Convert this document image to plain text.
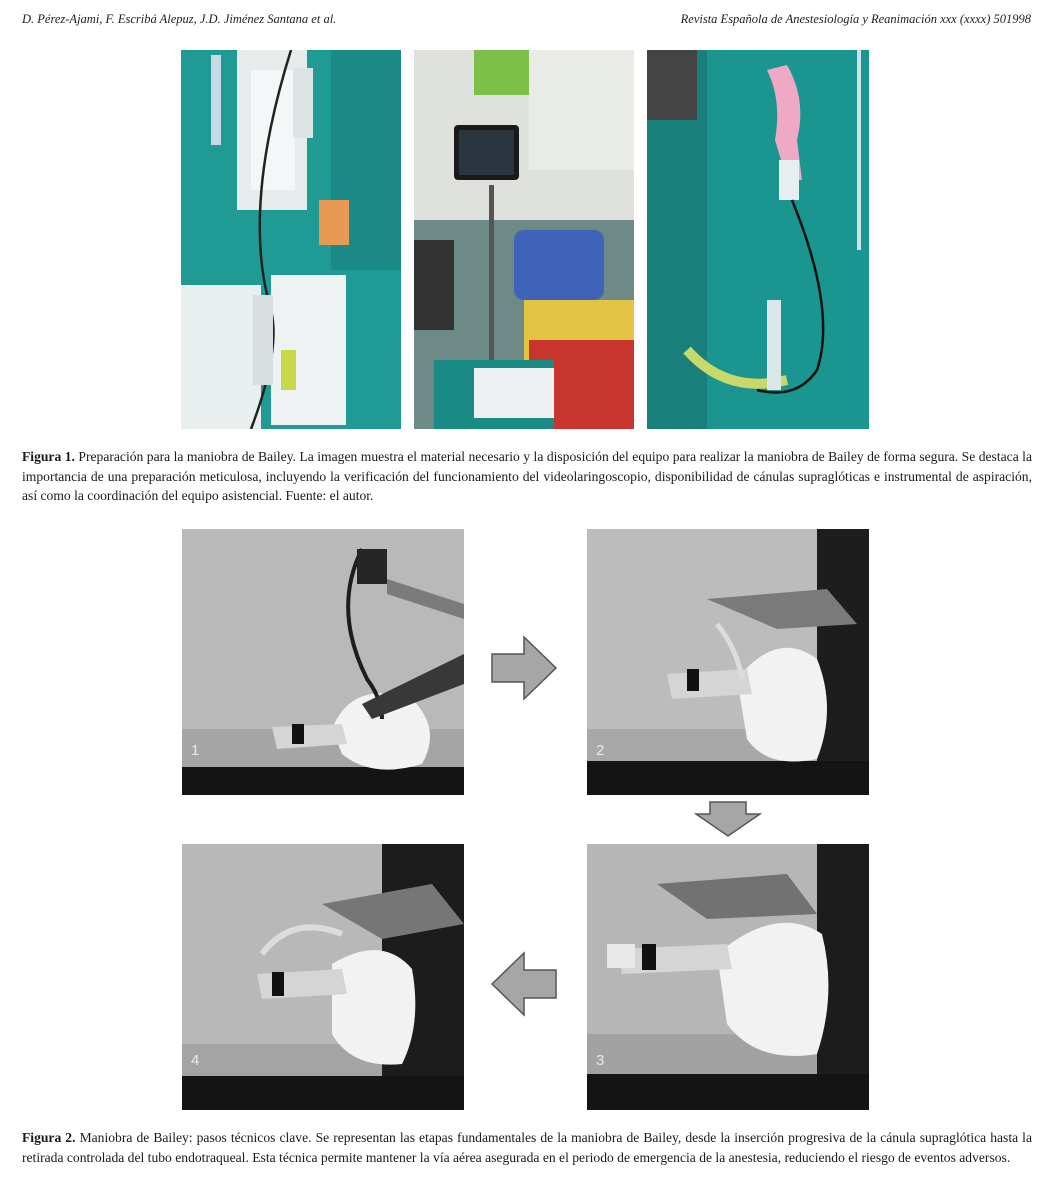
D. Pérez-Ajami, F. Escribá Alepuz, J.D. Jiménez Santana et al.	Revista Española de Anestesiología y Reanimación xxx (xxxx) 501998
Figura 1. Preparación para la maniobra de Bailey. La imagen muestra el material necesario y la disposición del equipo para realizar la maniobra de Bailey de forma segura. Se destaca la importancia de una preparación meticulosa, incluyendo la verificación del funcionamiento del videolaringoscopio, disponibilidad de cánulas supraglóticas e instrumental de aspiración, así como la coordinación del equipo asistencial. Fuente: el autor.
1	2
3
4
Figura 2. Maniobra de Bailey: pasos técnicos clave. Se representan las etapas fundamentales de la maniobra de Bailey, desde la inserción progresiva de la cánula supraglótica hasta la retirada controlada del tubo endotraqueal. Esta técnica permite mantener la vía aérea asegurada en el periodo de emergencia de la anestesia, reduciendo el riesgo de eventos adversos.
